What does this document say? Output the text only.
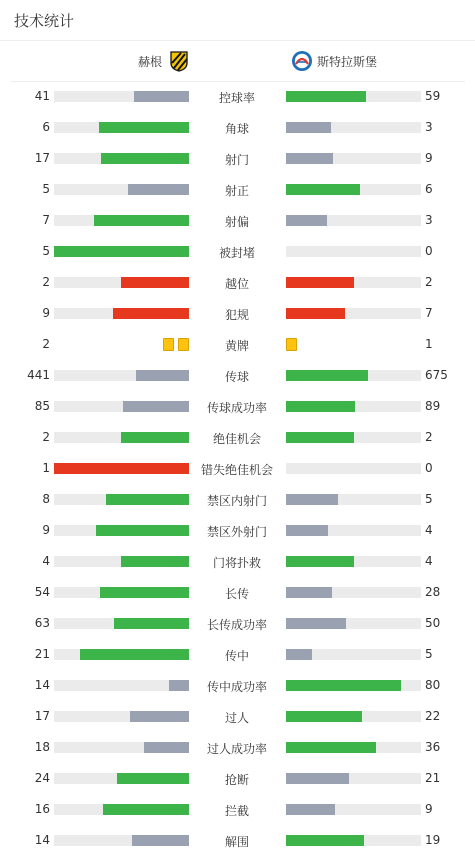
技术统计
赫根	斯特拉斯堡
41	控球率	59
6	角球	3
17	射门	9
5	射正	6
7	射偏	3
5	被封堵	0
2	越位	2
9	犯规	7
2	黄牌	1
441	传球	675
85	传球成功率	89
2	绝佳机会	2
1	错失绝佳机会	0
8	禁区内射门	5
9	禁区外射门	4
4	门将扑救	4
54	长传	28
63	长传成功率	50
21	传中	5
14	传中成功率	80
17	过人	22
18	过人成功率	36
24	抢断	21
16	拦截	9
14	解围	19
